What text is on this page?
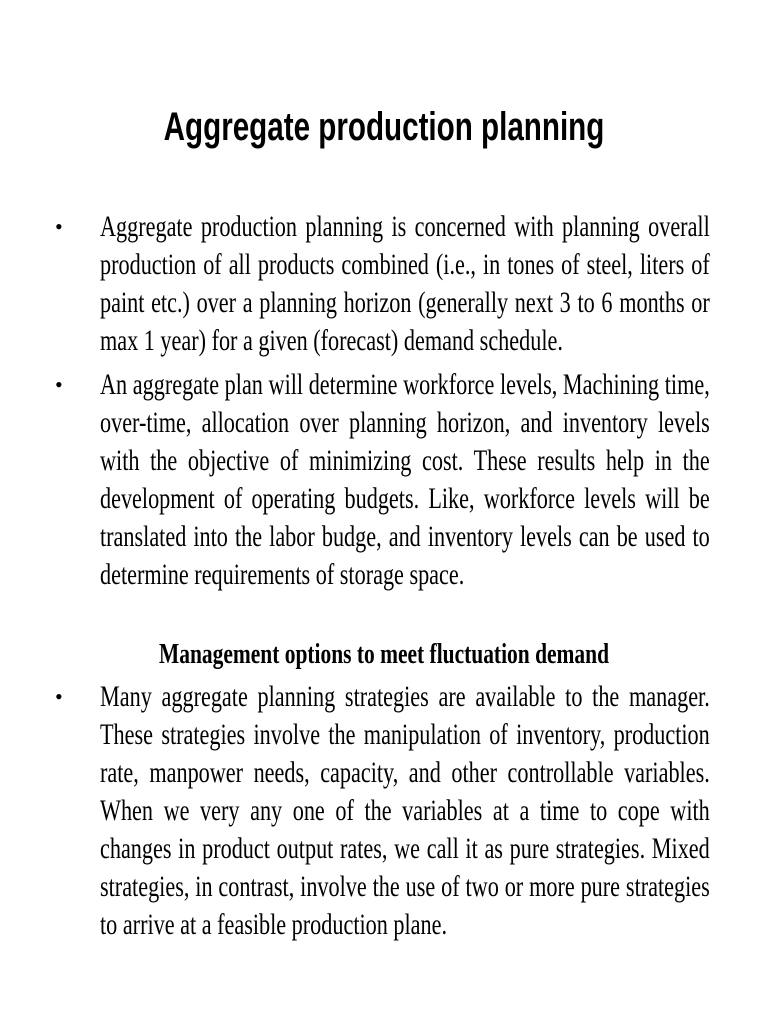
Aggregate production planning
• Aggregate production planning is concerned with planning overall production of all products combined (i.e., in tones of steel, liters of paint etc.) over a planning horizon (generally next 3 to 6 months or max 1 year) for a given (forecast) demand schedule.
• An aggregate plan will determine workforce levels, Machining time, over-time, allocation over planning horizon, and inventory levels with the objective of minimizing cost. These results help in the development of operating budgets. Like, workforce levels will be translated into the labor budge, and inventory levels can be used to determine requirements of storage space.
Management options to meet fluctuation demand
• Many aggregate planning strategies are available to the manager. These strategies involve the manipulation of inventory, production rate, manpower needs, capacity, and other controllable variables. When we very any one of the variables at a time to cope with changes in product output rates, we call it as pure strategies. Mixed strategies, in contrast, involve the use of two or more pure strategies to arrive at a feasible production plane.
